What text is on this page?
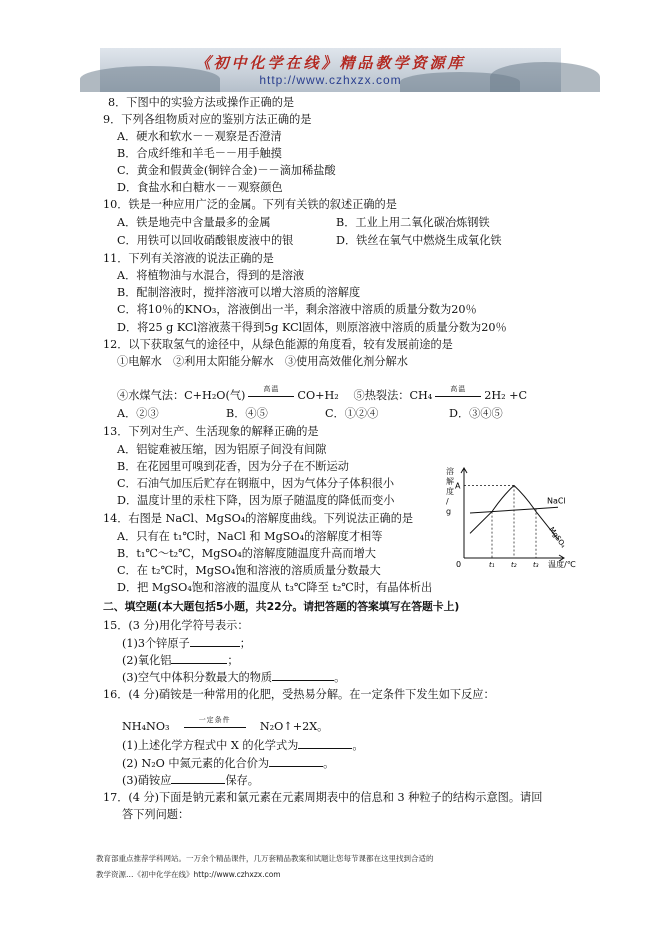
《初中化学在线》精品教学资源库
http://www.czhxzx.com
8．下图中的实验方法或操作正确的是
9．下列各组物质对应的鉴别方法正确的是
A．硬水和软水－－观察是否澄清
B．合成纤维和羊毛－－用手触摸
C．黄金和假黄金(铜锌合金)－－滴加稀盐酸
D．食盐水和白糖水－－观察颜色
10．铁是一种应用广泛的金属。下列有关铁的叙述正确的是
A．铁是地壳中含量最多的金属	B．工业上用二氧化碳冶炼钢铁
C．用铁可以回收硝酸银废液中的银	D．铁丝在氧气中燃烧生成氧化铁
11．下列有关溶液的说法正确的是
A．将植物油与水混合，得到的是溶液
B．配制溶液时，搅拌溶液可以增大溶质的溶解度
C．将10％的KNO₃，溶液倒出一半，剩余溶液中溶质的质量分数为20％
D．将25 g KCl溶液蒸干得到5g KCl固体，则原溶液中溶质的质量分数为20％
12．以下获取氢气的途径中，从绿色能源的角度看，较有发展前途的是
①电解水　②利用太阳能分解水　③使用高效催化剂分解水
④水煤气法：C+H₂O(气)	高温	CO+H₂　 ⑤热裂法：CH₄	高温	2H₂ +C
A．②③	B．④⑤	C．①②④	D．③④⑤
13．下列对生产、生活现象的解释正确的是
A．铝锭难被压缩，因为铝原子间没有间隙
B．在花园里可嗅到花香，因为分子在不断运动
C．石油气加压后贮存在钢瓶中，因为气体分子体积很小
D．温度计里的汞柱下降，因为原子随温度的降低而变小
14．右图是 NaCl、MgSO₄的溶解度曲线。下列说法正确的是
A．只有在 t₁℃时，NaCl 和 MgSO₄的溶解度才相等
B．t₁℃～t₂℃，MgSO₄的溶解度随温度升高而增大
C．在 t₂℃时，MgSO₄饱和溶液的溶质质量分数最大
D．把 MgSO₄饱和溶液的温度从 t₃℃降至 t₂℃时，有晶体析出
溶解度/ g
0	温度/℃
t₁ t₂ t₃
A
NaCl
MgSO₄
二、填空题(本大题包括5小题，共22分。请把答题的答案填写在答题卡上)
15．(3 分)用化学符号表示：
(1)3个锌原子	；
(2)氧化铝	；
(3)空气中体积分数最大的物质	。
16．(4 分)硝铵是一种常用的化肥，受热易分解。在一定条件下发生如下反应：
NH₄NO₃　	一定条件
　	N₂O↑+2X。
(1)上述化学方程式中 X 的化学式为	。
(2) N₂O 中氮元素的化合价为	。
(3)硝铵应	保存。
17．(4 分)下面是钠元素和氯元素在元素周期表中的信息和 3 种粒子的结构示意图。请回
答下列问题：
教育部重点推荐学科网站。一万余个精品课件，几万套精品教案和试题让您每节课都在这里找到合适的
教学资源…《初中化学在线》http://www.czhxzx.com
